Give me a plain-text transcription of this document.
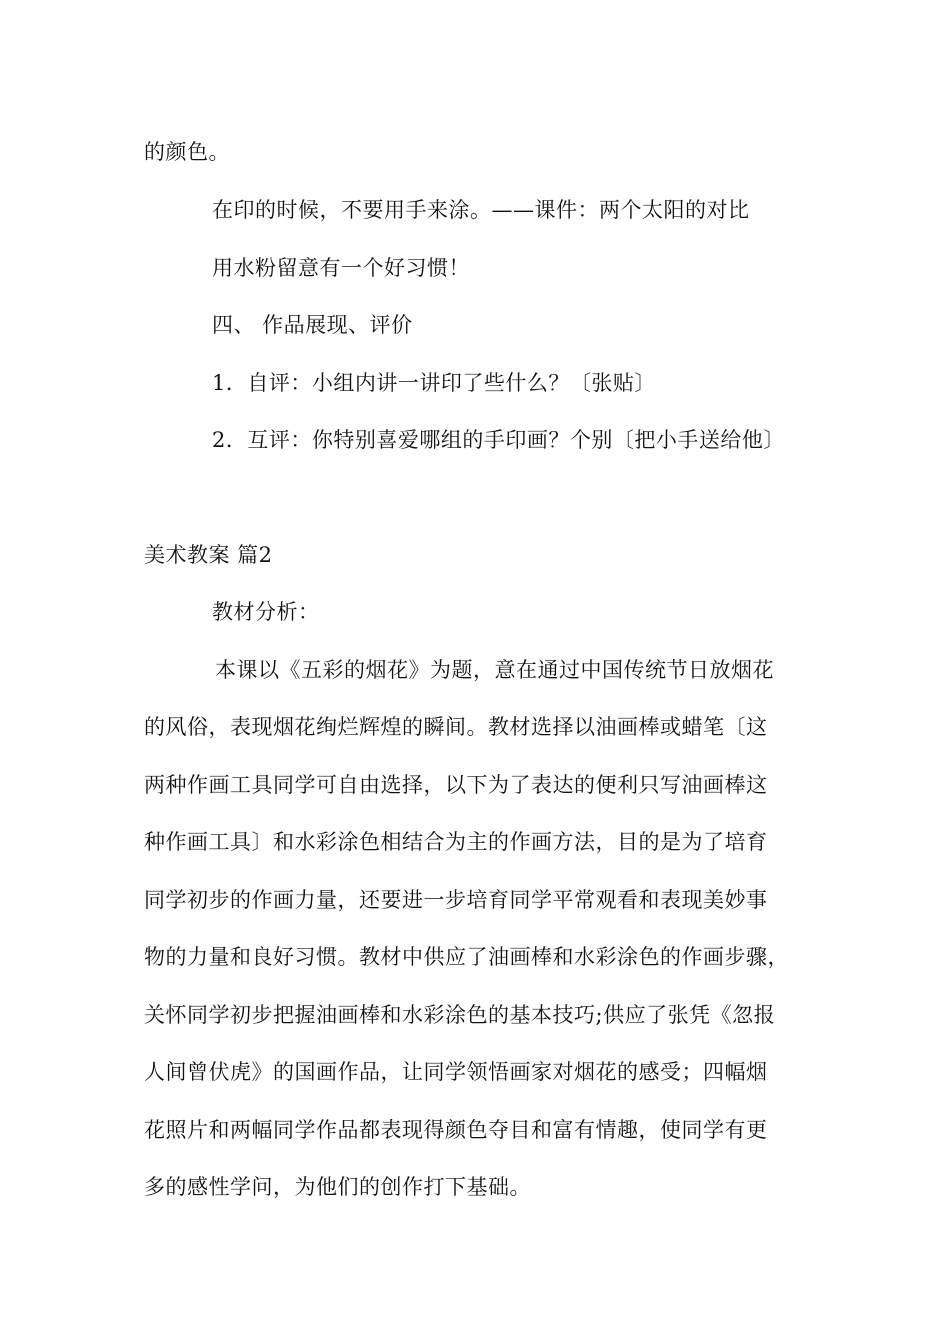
的颜色。
在印的时候，不要用手来涂。——课件：两个太阳的对比
用水粉留意有一个好习惯！
四、 作品展现、评价
1．自评：小组内讲一讲印了些什么？〔张贴〕
2．互评：你特别喜爱哪组的手印画？个别〔把小手送给他〕
美术教案 篇2
教材分析：
本课以《五彩的烟花》为题，意在通过中国传统节日放烟花
的风俗，表现烟花绚烂辉煌的瞬间。教材选择以油画棒或蜡笔〔这
两种作画工具同学可自由选择，以下为了表达的便利只写油画棒这
种作画工具〕和水彩涂色相结合为主的作画方法，目的是为了培育
同学初步的作画力量，还要进一步培育同学平常观看和表现美妙事
物的力量和良好习惯。教材中供应了油画棒和水彩涂色的作画步骤，
关怀同学初步把握油画棒和水彩涂色的基本技巧;供应了张凭《忽报
人间曾伏虎》的国画作品，让同学领悟画家对烟花的感受；四幅烟
花照片和两幅同学作品都表现得颜色夺目和富有情趣，使同学有更
多的感性学问，为他们的创作打下基础。
